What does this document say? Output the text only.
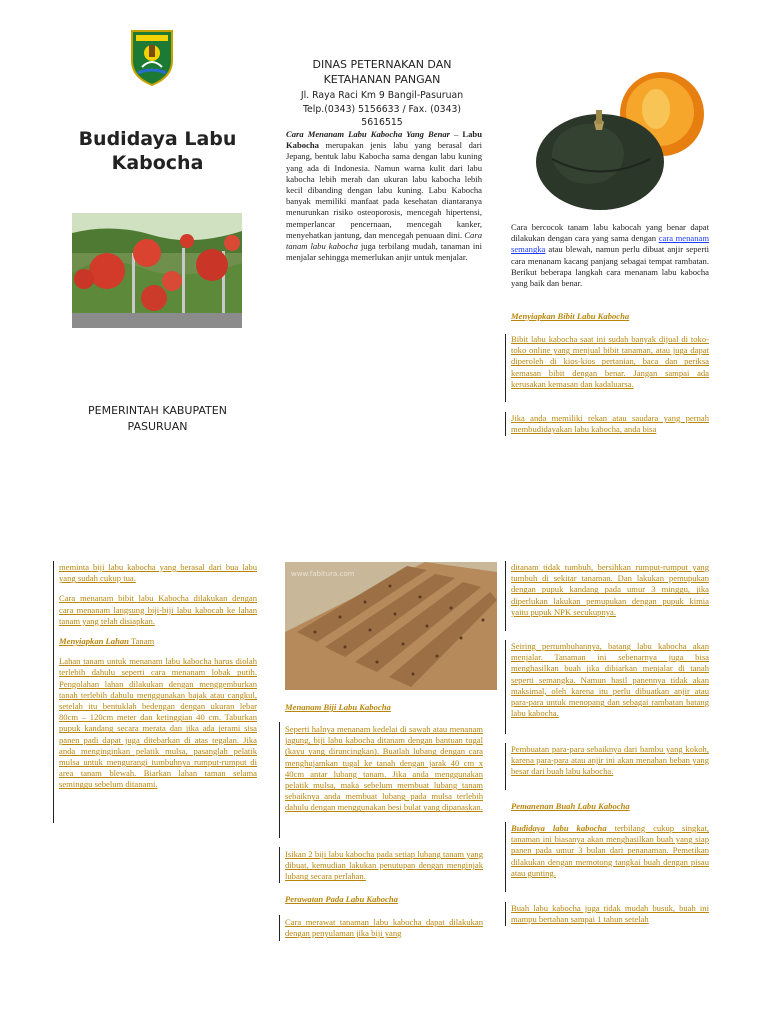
DINAS PETERNAKAN DAN
KETAHANAN PANGAN
Jl. Raya Raci Km 9 Bangil-Pasuruan
Telp.(0343) 5156633 / Fax. (0343)
5616515
Budidaya Labu
Kabocha
PEMERINTAH KABUPATEN
PASURUAN
Cara Menanam Labu Kabocha Yang Benar – Labu Kabocha merupakan jenis labu yang berasal dari Jepang, bentuk labu Kabocha sama dengan labu kuning yang ada di Indonesia. Namun warna kulit dari labu kabocha lebih merah dan ukuran labu kabocha lebih kecil dibanding dengan labu kuning. Labu Kabocha banyak memiliki manfaat pada kesehatan diantaranya menurunkan risiko osteoporosis, mencegah hipertensi, memperlancar pencernaan, mencegah kanker, menyehatkan jantung, dan mencegah penuaan dini. Cara tanam labu kabocha juga terbilang mudah, tanaman ini menjalar sehingga memerlukan anjir untuk menjalar.
Cara bercocok tanam labu kabocah yang benar dapat dilakukan dengan cara yang sama dengan cara menanam semangka atau blewah, namun perlu dibuat anjir seperti cara menanam kacang panjang sebagai tempat rambatan. Berikut beberapa langkah cara menanam labu kabocha yang baik dan benar.
Menyiapkan Bibit Labu Kabocha
Bibit labu kabocha saat ini sudah banyak dijual di toko-toko online yang menjual bibit tanaman, atau juga dapat diperoleh di kios-kios pertanian, baca dan periksa kemasan bibit dengan benar. Jangan sampai ada kerusakan kemasan dan kadaluarsa.
Jika anda memiliki rekan atau saudara yang pernah membudidayakan labu kabocha, anda bisa
meminta biji labu kabocha yang berasal dari bua labu yang sudah cukup tua.
Cara menanam bibit labu Kabocha dilakukan dengan cara menanam langsung biji-biji labu kabocah ke lahan tanam yang telah disiapkan.
Menyiapkan Lahan Tanam
Lahan tanam untuk menanam labu kabocha harus diolah terlebih dahulu seperti cara menanam lobak putih. Pengolahan lahan dilakukan dengan menggemburkan tanah terlebih dahulu menggunakan bajak atau cangkul, setelah itu bentuklah bedengan dengan ukuran lebar 80cm – 120cm meter dan ketinggian 40 cm. Taburkan pupuk kandang secara merata dan jika ada jerami sisa panen padi dapat juga ditebarkan di atas tegalan. Jika anda menginginkan pelatik mulsa, pasanglah pelatik mulsa untuk mengurangi tumbuhnya rumput-rumput di area tanam blewah. Biarkan lahan taman selama seminggu sebelum ditanami.
www.fabitura.com
Menanam Biji Labu Kabocha
Seperti halnya menanam kedelai di sawah atau menanam jagung, biji labu kabocha ditanam dengan bantuan tugal (kayu yang diruncingkan). Buatlah lubang dengan cara menghujamkan tugal ke tanah dengan jarak 40 cm x 40cm antar lubang tanam. Jika anda menggunakan pelatik mulsa, maka sebelum membuat lubang tanam sebaiknya anda membuat lubang pada mulsa terlebih dahulu dengan menggunakan besi bulat yang dipanaskan.
Isikan 2 biji labu kabocha pada setiap lubang tanam yang dibuat, kemudian lakukan penutupan dengan menginjak lubang secara perlahan.
Perawatan Pada Labu Kabocha
Cara merawat tanaman labu kabocha dapat dilakukan dengan penyulaman jika biji yang
ditanam tidak tumbuh, bersihkan rumput-rumput yang tumbuh di sekitar tanaman. Dan lakukan pemupukan dengan pupuk kandang pada umur 3 minggu, jika diperlukan lakukan pemupukan dengan pupuk kimia yaitu pupuk NPK secukupnya.
Seiring pertumbuhannya, batang labu kabocha akan menjalar. Tanaman ini sebenarnya juga bisa menghasilkan buah jika dibiarkan menjalar di tanah seperti semangka. Namun hasil panennya tidak akan maksimal, oleh karena itu perlu dibuatkan anjir atau para-para untuk menopang dan sebagai rambatan batang labu kabocha.
Pembuatan para-para sebaiknya dari bambu yang kokoh, karena para-para atau anjir ini akan menahan beban yang besar dari buah labu kabocha.
Pemanenan Buah Labu Kabocha
Budidaya labu kabocha terbilang cukup singkat, tanaman ini biasanya akan menghasilkan buah yang siap panen pada umur 3 bulan dari penanaman. Pemetikan dilakukan dengan memotong tangkai buah dengan pisau atau gunting.
Buah labu kabocha juga tidak mudah busuk, buah ini mampu bertahan sampai 1 tahun setelah
